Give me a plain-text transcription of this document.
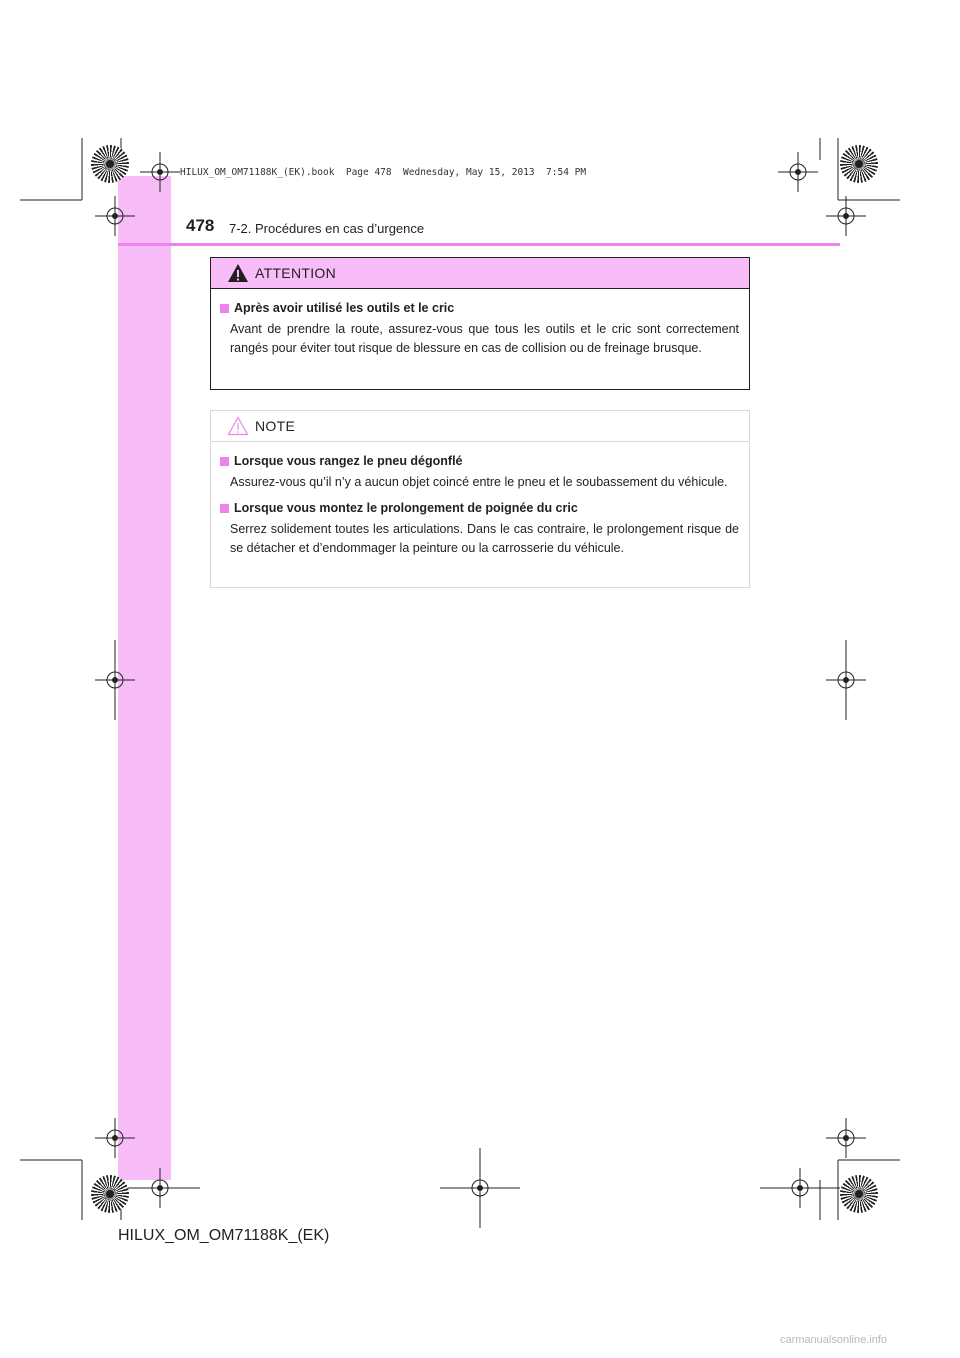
HILUX_OM_OM71188K_(EK).book  Page 478  Wednesday, May 15, 2013  7:54 PM
478 7-2. Procédures en cas d’urgence
ATTENTION
Après avoir utilisé les outils et le cric
Avant de prendre la route, assurez-vous que tous les outils et le cric sont correctement rangés pour éviter tout risque de blessure en cas de collision ou de freinage brusque.
NOTE
Lorsque vous rangez le pneu dégonflé
Assurez-vous qu’il n’y a aucun objet coincé entre le pneu et le soubassement du véhicule.
Lorsque vous montez le prolongement de poignée du cric
Serrez solidement toutes les articulations. Dans le cas contraire, le prolongement risque de se détacher et d’endommager la peinture ou la carrosserie du véhicule.
HILUX_OM_OM71188K_(EK)
carmanualsonline.info
